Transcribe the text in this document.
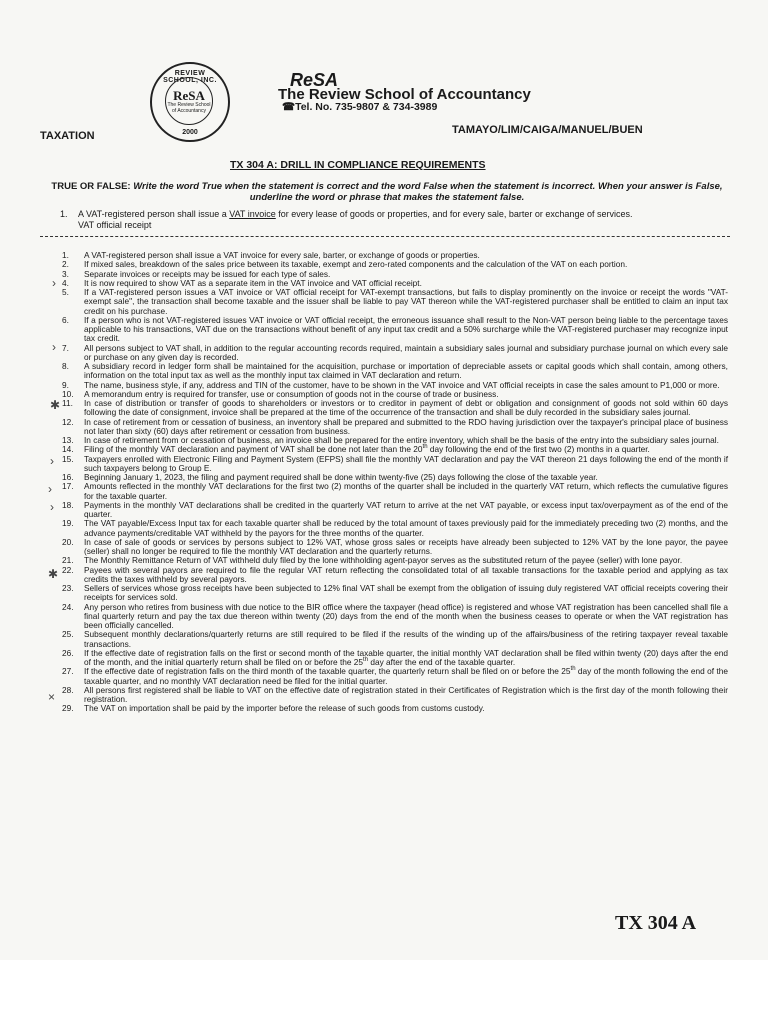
REVIEW SCHOOL, INC.
ReSA
The Review School of Accountancy
2000
ReSA
The Review School of Accountancy
☎Tel. No. 735-9807 & 734-3989
TAXATION	TAMAYO/LIM/CAIGA/MANUEL/BUEN
TX 304 A: DRILL IN COMPLIANCE REQUIREMENTS
TRUE OR FALSE: Write the word True when the statement is correct and the word False when the statement is incorrect. When your answer is False, underline the word or phrase that makes the statement false.
1. A VAT-registered person shall issue a VAT invoice for every lease of goods or properties, and for every sale, barter or exchange of services.
VAT official receipt
1.	A VAT-registered person shall issue a VAT invoice for every sale, barter, or exchange of goods or properties.
2.	If mixed sales, breakdown of the sales price between its taxable, exempt and zero-rated components and the calculation of the VAT on each portion.
3.	Separate invoices or receipts may be issued for each type of sales.
4.	It is now required to show VAT as a separate item in the VAT invoice and VAT official receipt.
5.	If a VAT-registered person issues a VAT invoice or VAT official receipt for VAT-exempt transactions, but fails to display prominently on the invoice or receipt the words "VAT-exempt sale", the transaction shall become taxable and the issuer shall be liable to pay VAT thereon while the VAT-registered purchaser shall be entitled to claim an input tax credit on his purchase.
6.	If a person who is not VAT-registered issues VAT invoice or VAT official receipt, the erroneous issuance shall result to the Non-VAT person being liable to the percentage taxes applicable to his transactions, VAT due on the transactions without benefit of any input tax credit and a 50% surcharge while the VAT-registered purchaser may recognize input tax credit.
7.	All persons subject to VAT shall, in addition to the regular accounting records required, maintain a subsidiary sales journal and subsidiary purchase journal on which every sale or purchase on any given day is recorded.
8.	A subsidiary record in ledger form shall be maintained for the acquisition, purchase or importation of depreciable assets or capital goods which shall contain, among others, information on the total input tax as well as the monthly input tax claimed in VAT declaration and return.
9.	The name, business style, if any, address and TIN of the customer, have to be shown in the VAT invoice and VAT official receipts in case the sales amount to P1,000 or more.
10.	A memorandum entry is required for transfer, use or consumption of goods not in the course of trade or business.
11.	In case of distribution or transfer of goods to shareholders or investors or to creditor in payment of debt or obligation and consignment of goods not sold within 60 days following the date of consignment, invoice shall be prepared at the time of the occurrence of the transaction and shall be duly recorded in the subsidiary sales journal.
12.	In case of retirement from or cessation of business, an inventory shall be prepared and submitted to the RDO having jurisdiction over the taxpayer's principal place of business not later than sixty (60) days after retirement or cessation from business.
13.	In case of retirement from or cessation of business, an invoice shall be prepared for the entire inventory, which shall be the basis of the entry into the subsidiary sales journal.
14.	Filing of the monthly VAT declaration and payment of VAT shall be done not later than the 20th day following the end of the first two (2) months in a quarter.
15.	Taxpayers enrolled with Electronic Filing and Payment System (EFPS) shall file the monthly VAT declaration and pay the VAT thereon 21 days following the end of the month if such taxpayers belong to Group E.
16.	Beginning January 1, 2023, the filing and payment required shall be done within twenty-five (25) days following the close of the taxable year.
17.	Amounts reflected in the monthly VAT declarations for the first two (2) months of the quarter shall be included in the quarterly VAT return, which reflects the cumulative figures for the taxable quarter.
18.	Payments in the monthly VAT declarations shall be credited in the quarterly VAT return to arrive at the net VAT payable, or excess input tax/overpayment as of the end of the quarter.
19.	The VAT payable/Excess Input tax for each taxable quarter shall be reduced by the total amount of taxes previously paid for the immediately preceding two (2) months, and the advance payments/creditable VAT withheld by the payors for the three months of the quarter.
20.	In case of sale of goods or services by persons subject to 12% VAT, whose gross sales or receipts have already been subjected to 12% VAT by the lone payor, the payee (seller) shall no longer be required to file the monthly VAT declaration and the quarterly returns.
21.	The Monthly Remittance Return of VAT withheld duly filed by the lone withholding agent-payor serves as the substituted return of the payee (seller) with lone payor.
22.	Payees with several payors are required to file the regular VAT return reflecting the consolidated total of all taxable transactions for the taxable period and applying as tax credits the taxes withheld by several payors.
23.	Sellers of services whose gross receipts have been subjected to 12% final VAT shall be exempt from the obligation of issuing duly registered VAT official receipts covering their receipts for services sold.
24.	Any person who retires from business with due notice to the BIR office where the taxpayer (head office) is registered and whose VAT registration has been cancelled shall file a final quarterly return and pay the tax due thereon within twenty (20) days from the end of the month when the business ceases to operate or when the VAT registration has been officially cancelled.
25.	Subsequent monthly declarations/quarterly returns are still required to be filed if the results of the winding up of the affairs/business of the retiring taxpayer reveal taxable transactions.
26.	If the effective date of registration falls on the first or second month of the taxable quarter, the initial monthly VAT declaration shall be filed within twenty (20) days after the end of the month, and the initial quarterly return shall be filed on or before the 25th day after the end of the taxable quarter.
27.	If the effective date of registration falls on the third month of the taxable quarter, the quarterly return shall be filed on or before the 25th day of the month following the end of the taxable quarter, and no monthly VAT declaration need be filed for the initial quarter.
28.	All persons first registered shall be liable to VAT on the effective date of registration stated in their Certificates of Registration which is the first day of the month following their registration.
29.	The VAT on importation shall be paid by the importer before the release of such goods from customs custody.
›
›
✱
›
›
›
✱
×
TX 304 A
